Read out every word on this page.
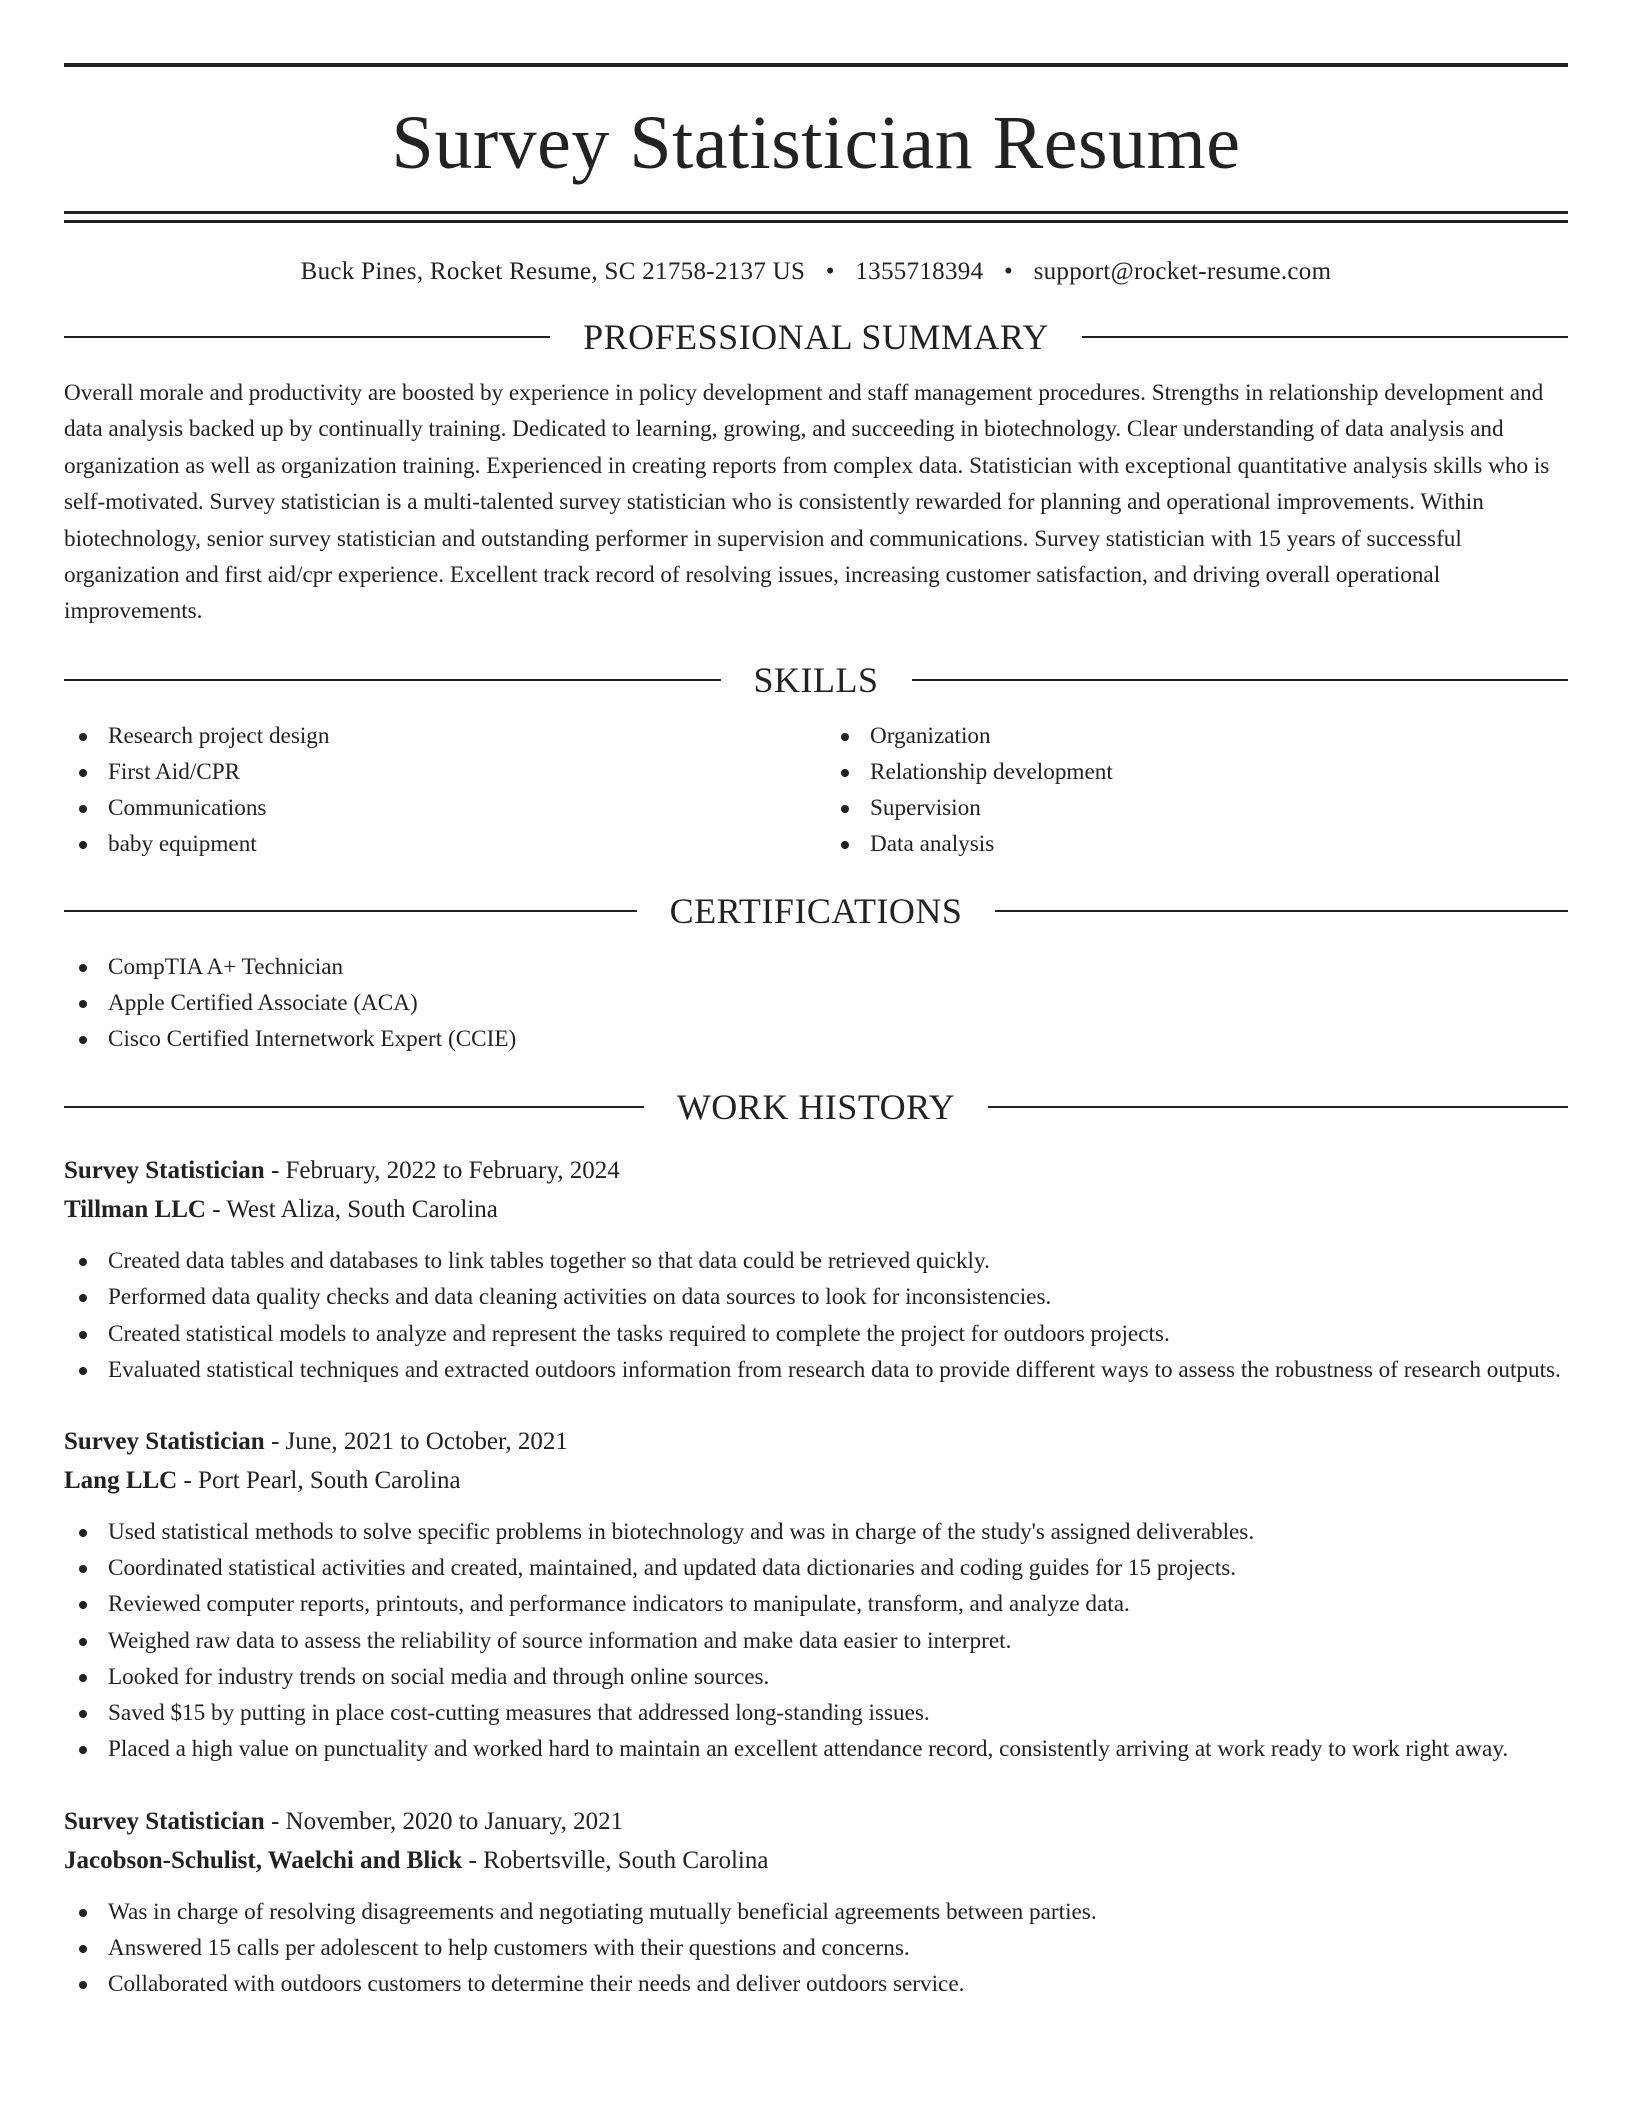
Survey Statistician Resume
Buck Pines, Rocket Resume, SC 21758-2137 US • 1355718394 • support@rocket-resume.com
PROFESSIONAL SUMMARY

Overall morale and productivity are boosted by experience in policy development and staff management procedures. Strengths in relationship development and data analysis backed up by continually training. Dedicated to learning, growing, and succeeding in biotechnology. Clear understanding of data analysis and organization as well as organization training. Experienced in creating reports from complex data. Statistician with exceptional quantitative analysis skills who is self-motivated. Survey statistician is a multi-talented survey statistician who is consistently rewarded for planning and operational improvements. Within biotechnology, senior survey statistician and outstanding performer in supervision and communications. Survey statistician with 15 years of successful organization and first aid/cpr experience. Excellent track record of resolving issues, increasing customer satisfaction, and driving overall operational improvements.

SKILLS
Research project design
First Aid/CPR
Communications
baby equipment
Organization
Relationship development
Supervision
Data analysis
CERTIFICATIONS
CompTIA A+ Technician
Apple Certified Associate (ACA)
Cisco Certified Internetwork Expert (CCIE)
WORK HISTORY
Survey Statistician - February, 2022 to February, 2024
Tillman LLC - West Aliza, South Carolina
Created data tables and databases to link tables together so that data could be retrieved quickly.
Performed data quality checks and data cleaning activities on data sources to look for inconsistencies.
Created statistical models to analyze and represent the tasks required to complete the project for outdoors projects.
Evaluated statistical techniques and extracted outdoors information from research data to provide different ways to assess the robustness of research outputs.
Survey Statistician - June, 2021 to October, 2021
Lang LLC - Port Pearl, South Carolina
Used statistical methods to solve specific problems in biotechnology and was in charge of the study's assigned deliverables.
Coordinated statistical activities and created, maintained, and updated data dictionaries and coding guides for 15 projects.
Reviewed computer reports, printouts, and performance indicators to manipulate, transform, and analyze data.
Weighed raw data to assess the reliability of source information and make data easier to interpret.
Looked for industry trends on social media and through online sources.
Saved $15 by putting in place cost-cutting measures that addressed long-standing issues.
Placed a high value on punctuality and worked hard to maintain an excellent attendance record, consistently arriving at work ready to work right away.
Survey Statistician - November, 2020 to January, 2021
Jacobson-Schulist, Waelchi and Blick - Robertsville, South Carolina
Was in charge of resolving disagreements and negotiating mutually beneficial agreements between parties.
Answered 15 calls per adolescent to help customers with their questions and concerns.
Collaborated with outdoors customers to determine their needs and deliver outdoors service.
